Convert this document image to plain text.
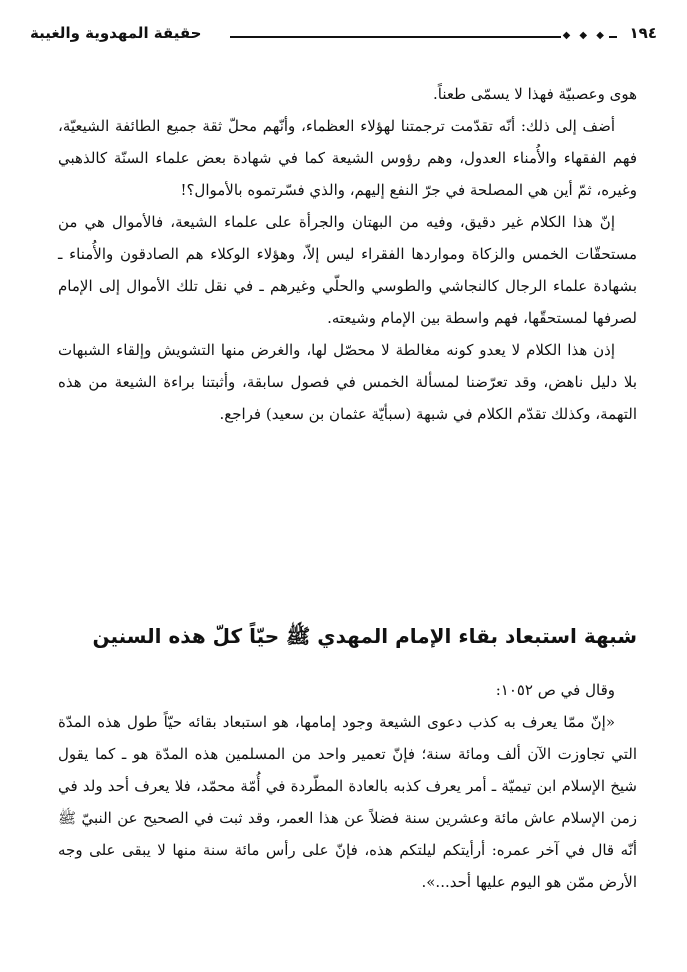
١٩٤
◆ ◆ ◆
حقيقة المهدوية والغيبة

هوى وعصبيّة فهذا لا يسمّى طعناً.

أضف إلى ذلك: أنّه تقدّمت ترجمتنا لهؤلاء العظماء، وأنّهم محلّ ثقة جميع الطائفة الشيعيّة، فهم الفقهاء والأُمناء العدول، وهم رؤوس الشيعة كما في شهادة بعض علماء السنّة كالذهبي وغيره، ثمّ أين هي المصلحة في جرّ النفع إليهم، والذي فسّرتموه بالأموال؟!

إنّ هذا الكلام غير دقيق، وفيه من البهتان والجرأة على علماء الشيعة، فالأموال هي من مستحقّات الخمس والزكاة ومواردها الفقراء ليس إلاّ، وهؤلاء الوكلاء هم الصادقون والأُمناء ـ بشهادة علماء الرجال كالنجاشي والطوسي والحلّي وغيرهم ـ في نقل تلك الأموال إلى الإمام لصرفها لمستحقّها، فهم واسطة بين الإمام وشيعته.

إذن هذا الكلام لا يعدو كونه مغالطة لا محصّل لها، والغرض منها التشويش وإلقاء الشبهات بلا دليل ناهض، وقد تعرّضنا لمسألة الخمس في فصول سابقة، وأثبتنا براءة الشيعة من هذه التهمة، وكذلك تقدّم الكلام في شبهة (سبأيّة عثمان بن سعيد) فراجع.

شبهة استبعاد بقاء الإمام المهدي ﷺ حيّاً كلّ هذه السنين

وقال في ص ١٠٥٢:

«إنّ ممّا يعرف به كذب دعوى الشيعة وجود إمامها، هو استبعاد بقائه حيّاً طول هذه المدّة التي تجاوزت الآن ألف ومائة سنة؛ فإنّ تعمير واحد من المسلمين هذه المدّة هو ـ كما يقول شيخ الإسلام ابن تيميّة ـ أمر يعرف كذبه بالعادة المطّردة في أُمّة محمّد، فلا يعرف أحد ولد في زمن الإسلام عاش مائة وعشرين سنة فضلاً عن هذا العمر، وقد ثبت في الصحيح عن النبيّ ﷺ أنّه قال في آخر عمره: أرأيتكم ليلتكم هذه، فإنّ على رأس مائة سنة منها لا يبقى على وجه الأرض ممّن هو اليوم عليها أحد...».
